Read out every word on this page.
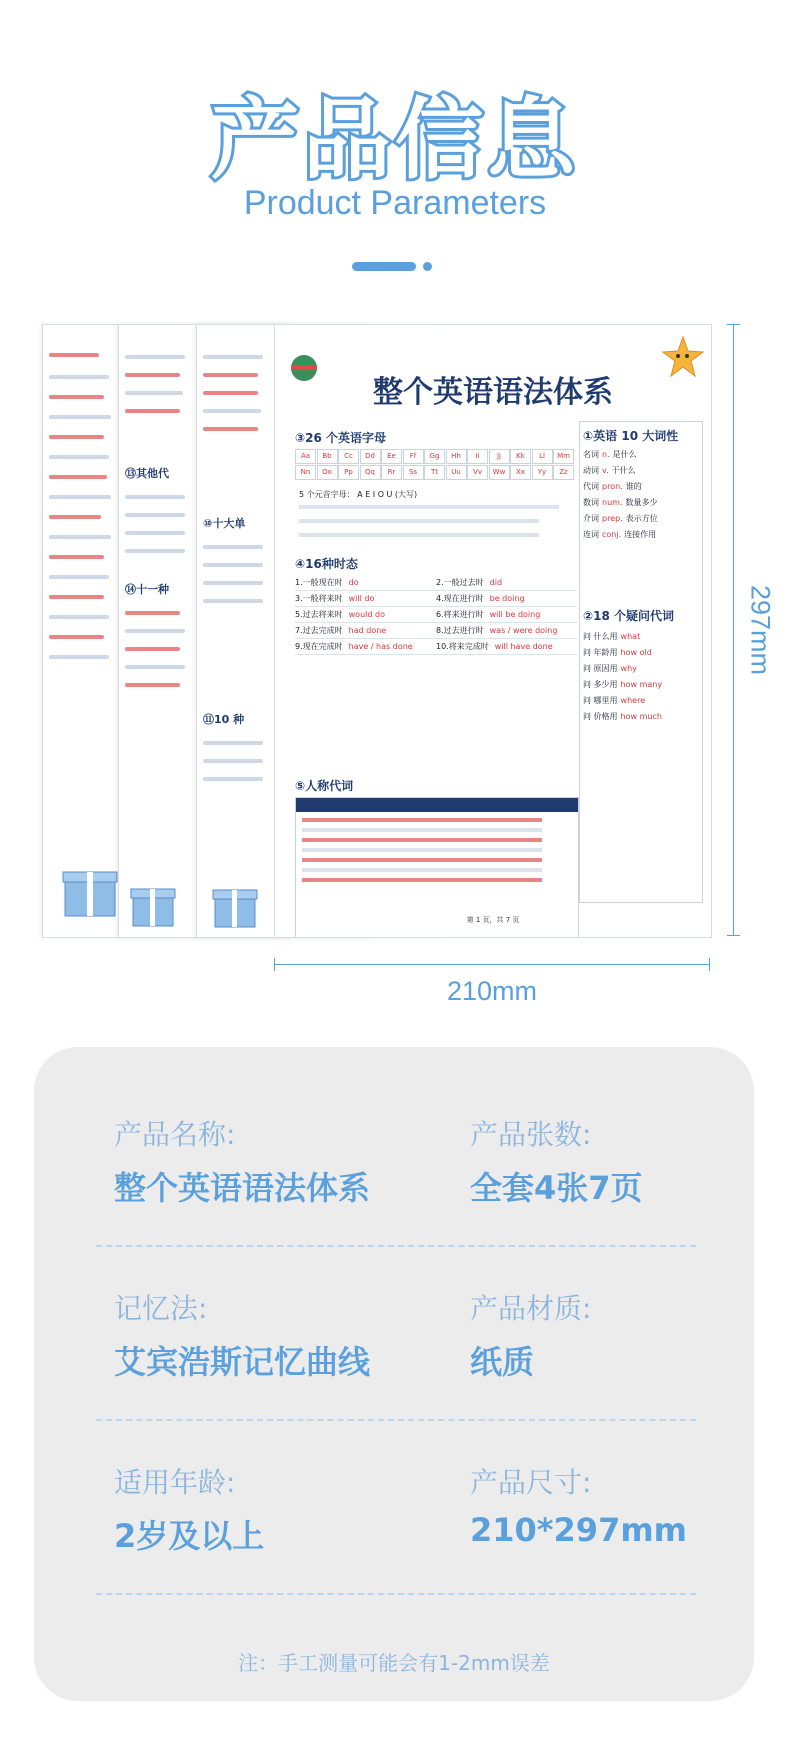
产品信息
Product Parameters
⑬其他代
⑭十一种
⑩十大单
⑪10 种
整个英语语法体系
③26 个英语字母
5 个元音字母： A E I O U (大写)
④16种时态
⑤人称代词
①英语 10 大词性
②18 个疑问代词
第 1 页，共 7 页
Aa	Bb	Cc	Dd	Ee	Ff	Gg	Hh	Ii	Jj	Kk	Ll	Mm
Nn	Oo	Pp	Qq	Rr	Ss	Tt	Uu	Vv	Ww	Xx	Yy	Zz
1.一般现在时 do	2.一般过去时 did
3.一般将来时 will do	4.现在进行时 be doing
5.过去将来时 would do	6.将来进行时 will be doing
7.过去完成时 had done	8.过去进行时 was / were doing
9.现在完成时 have / has done	10.将来完成时 will have done
名词 n. 是什么
动词 v. 干什么
代词 pron. 谁的
数词 num. 数量多少
介词 prep. 表示方位
连词 conj. 连接作用
问 什么用 what
问 年龄用 how old
问 原因用 why
问 多少用 how many
问 哪里用 where
问 价格用 how much
297mm
210mm
产品名称:
整个英语语法体系
产品张数:
全套4张7页
记忆法:
艾宾浩斯记忆曲线
产品材质:
纸质
适用年龄:
2岁及以上
产品尺寸:
210*297mm
注：手工测量可能会有1-2mm误差
